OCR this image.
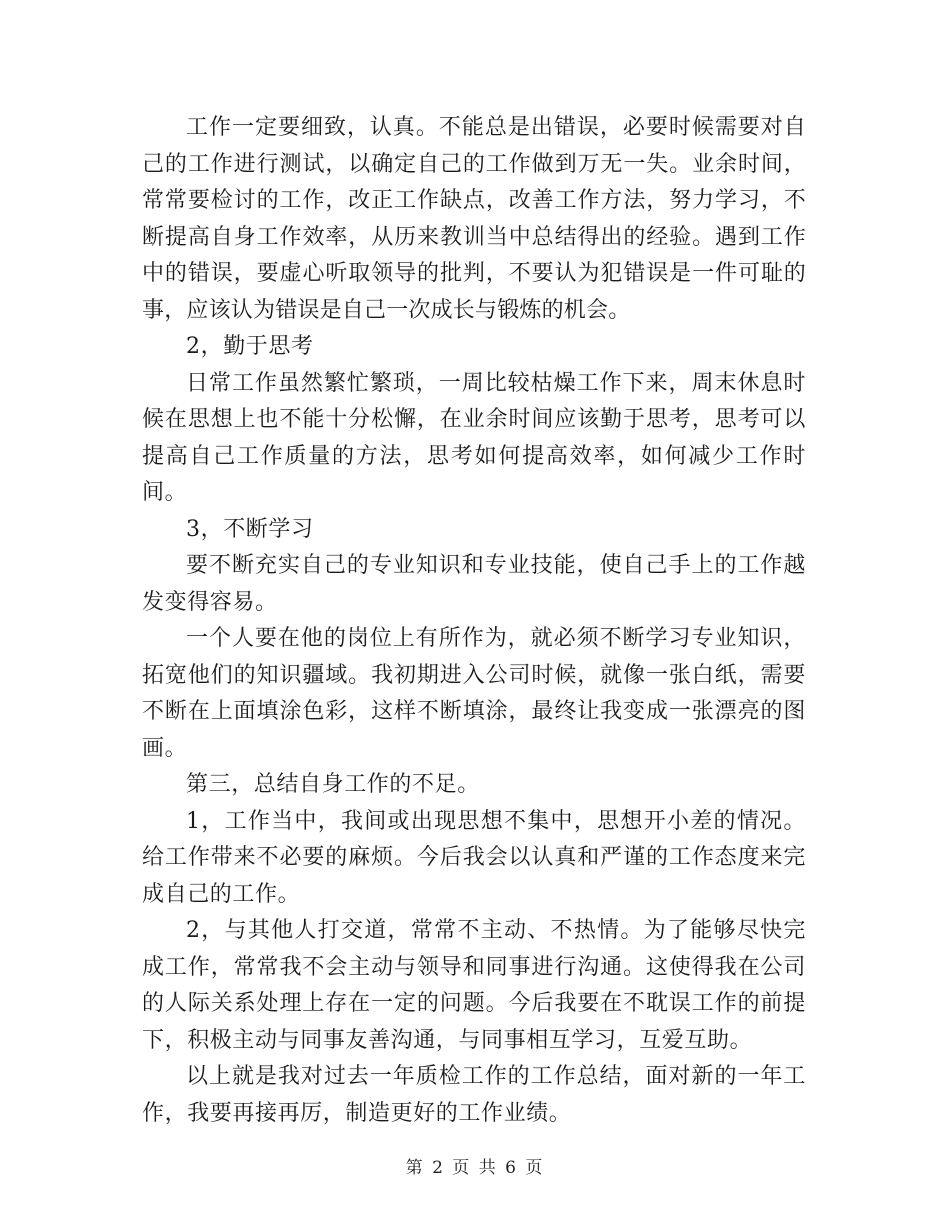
工作一定要细致，认真。不能总是出错误，必要时候需要对自己的工作进行测试，以确定自己的工作做到万无一失。业余时间，常常要检讨的工作，改正工作缺点，改善工作方法，努力学习，不断提高自身工作效率，从历来教训当中总结得出的经验。遇到工作中的错误，要虚心听取领导的批判，不要认为犯错误是一件可耻的事，应该认为错误是自己一次成长与锻炼的机会。

2，勤于思考

日常工作虽然繁忙繁琐，一周比较枯燥工作下来，周末休息时候在思想上也不能十分松懈，在业余时间应该勤于思考，思考可以提高自己工作质量的方法，思考如何提高效率，如何减少工作时间。

3，不断学习

要不断充实自己的专业知识和专业技能，使自己手上的工作越发变得容易。

一个人要在他的岗位上有所作为，就必须不断学习专业知识，拓宽他们的知识疆域。我初期进入公司时候，就像一张白纸，需要不断在上面填涂色彩，这样不断填涂，最终让我变成一张漂亮的图画。

第三，总结自身工作的不足。

1，工作当中，我间或出现思想不集中，思想开小差的情况。给工作带来不必要的麻烦。今后我会以认真和严谨的工作态度来完成自己的工作。

2，与其他人打交道，常常不主动、不热情。为了能够尽快完成工作，常常我不会主动与领导和同事进行沟通。这使得我在公司的人际关系处理上存在一定的问题。今后我要在不耽误工作的前提下，积极主动与同事友善沟通，与同事相互学习，互爱互助。

以上就是我对过去一年质检工作的工作总结，面对新的一年工作，我要再接再厉，制造更好的工作业绩。

第 2 页 共 6 页
